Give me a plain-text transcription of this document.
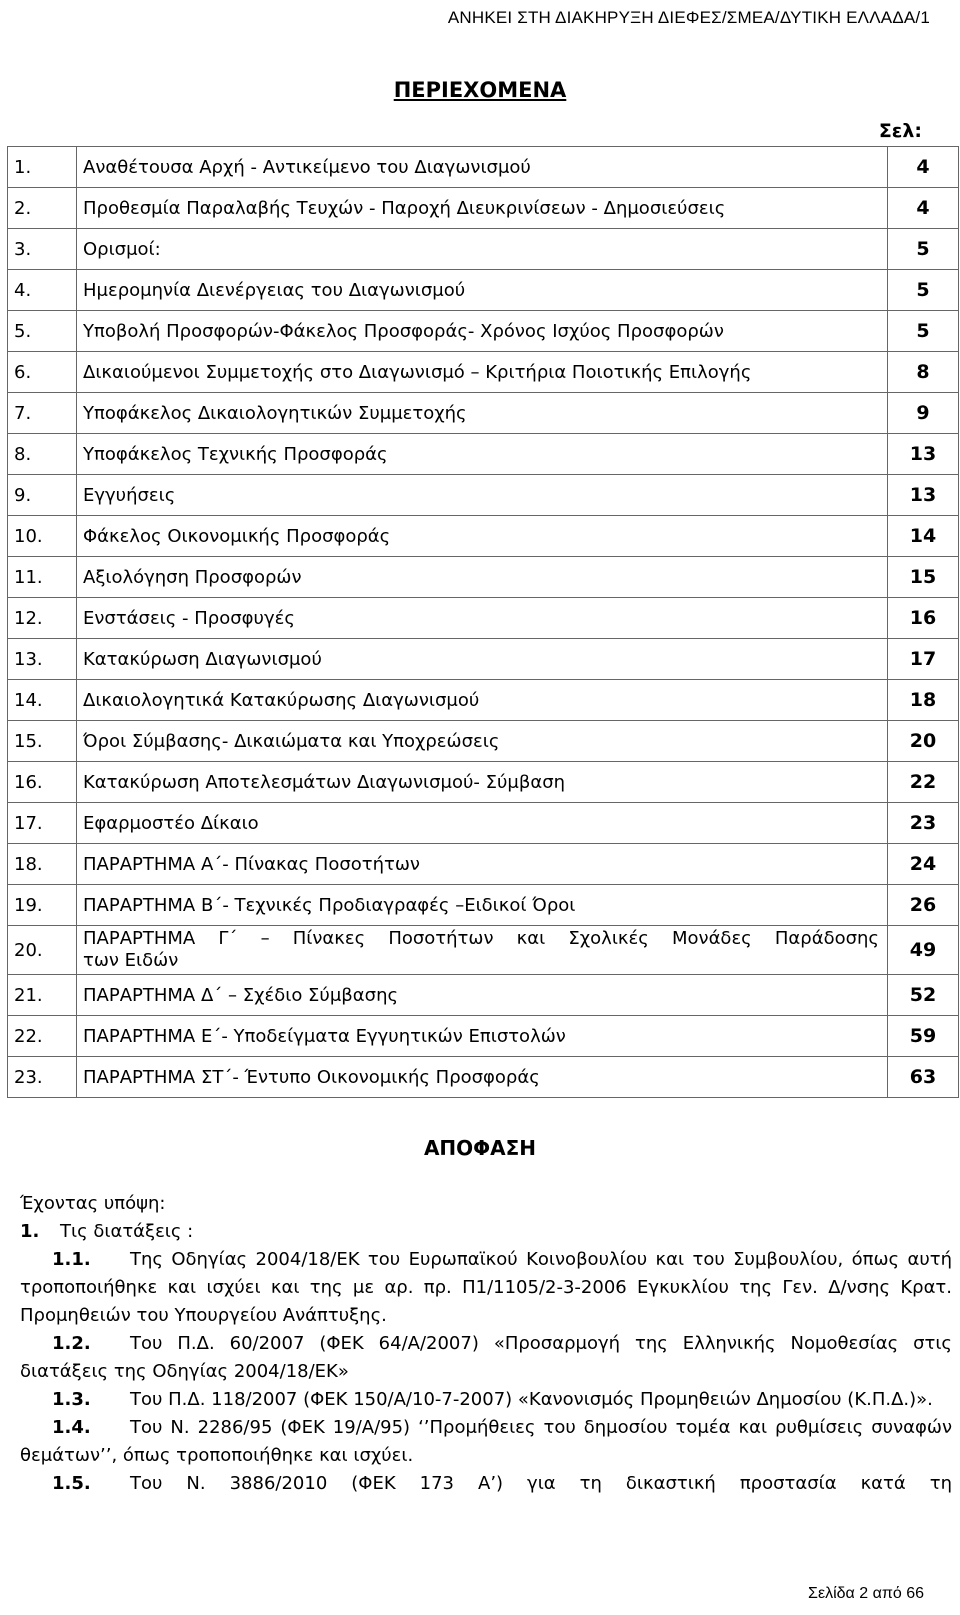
ΑΝΗΚΕΙ ΣΤΗ ΔΙΑΚΗΡΥΞΗ ΔΙΕΦΕΣ/ΣΜΕΑ/ΔΥΤΙΚΗ ΕΛΛΑΔΑ/1
ΠΕΡΙΕΧΟΜΕΝΑ
Σελ:
1.	Αναθέτουσα Αρχή - Αντικείμενο του Διαγωνισμού	4
2.	Προθεσμία Παραλαβής Τευχών - Παροχή Διευκρινίσεων - Δημοσιεύσεις	4
3.	Ορισμοί:	5
4.	Ημερομηνία Διενέργειας του Διαγωνισμού	5
5.	Υποβολή Προσφορών-Φάκελος Προσφοράς- Χρόνος Ισχύος Προσφορών	5
6.	Δικαιούμενοι Συμμετοχής στο Διαγωνισμό – Κριτήρια Ποιοτικής Επιλογής	8
7.	Υποφάκελος Δικαιολογητικών Συμμετοχής	9
8.	Υποφάκελος Τεχνικής Προσφοράς	13
9.	Εγγυήσεις	13
10.	Φάκελος Οικονομικής Προσφοράς	14
11.	Αξιολόγηση Προσφορών	15
12.	Ενστάσεις - Προσφυγές	16
13.	Κατακύρωση Διαγωνισμού	17
14.	Δικαιολογητικά Κατακύρωσης Διαγωνισμού	18
15.	Όροι Σύμβασης- Δικαιώματα και Υποχρεώσεις	20
16.	Κατακύρωση Αποτελεσμάτων Διαγωνισμού- Σύμβαση	22
17.	Εφαρμοστέο Δίκαιο	23
18.	ΠΑΡΑΡΤΗΜΑ Α΄- Πίνακας Ποσοτήτων	24
19.	ΠΑΡΑΡΤΗΜΑ Β΄- Τεχνικές Προδιαγραφές –Ειδικοί Όροι	26
20.	ΠΑΡΑΡΤΗΜΑ Γ΄ – Πίνακες Ποσοτήτων και Σχολικές Μονάδες Παράδοσης
των Ειδών	49
21.	ΠΑΡΑΡΤΗΜΑ Δ΄ – Σχέδιο Σύμβασης	52
22.	ΠΑΡΑΡΤΗΜΑ Ε΄- Υποδείγματα Εγγυητικών Επιστολών	59
23.	ΠΑΡΑΡΤΗΜΑ ΣΤ΄- Έντυπο Οικονομικής Προσφοράς	63
ΑΠΟΦΑΣΗ

Έχοντας υπόψη:

1. Τις διατάξεις :

1.1. Της Οδηγίας 2004/18/ΕΚ του Ευρωπαϊκού Κοινοβουλίου και του Συμβουλίου, όπως αυτή τροποποιήθηκε και ισχύει και της με αρ. πρ. Π1/1105/2-3-2006 Εγκυκλίου της Γεν. Δ/νσης Κρατ. Προμηθειών του Υπουργείου Ανάπτυξης.

1.2. Του Π.Δ. 60/2007 (ΦΕΚ 64/Α/2007) «Προσαρμογή της Ελληνικής Νομοθεσίας στις διατάξεις της Οδηγίας 2004/18/ΕΚ»

1.3. Του Π.Δ. 118/2007 (ΦΕΚ 150/Α/10-7-2007) «Κανονισμός Προμηθειών Δημοσίου (Κ.Π.Δ.)».

1.4. Του Ν. 2286/95 (ΦΕΚ 19/Α/95) ‘’Προμήθειες του δημοσίου τομέα και ρυθμίσεις συναφών θεμάτων’’, όπως τροποποιήθηκε και ισχύει.

1.5. Του Ν. 3886/2010 (ΦΕΚ 173 Α’) για τη δικαστική προστασία κατά τη

Σελίδα 2 από 66
